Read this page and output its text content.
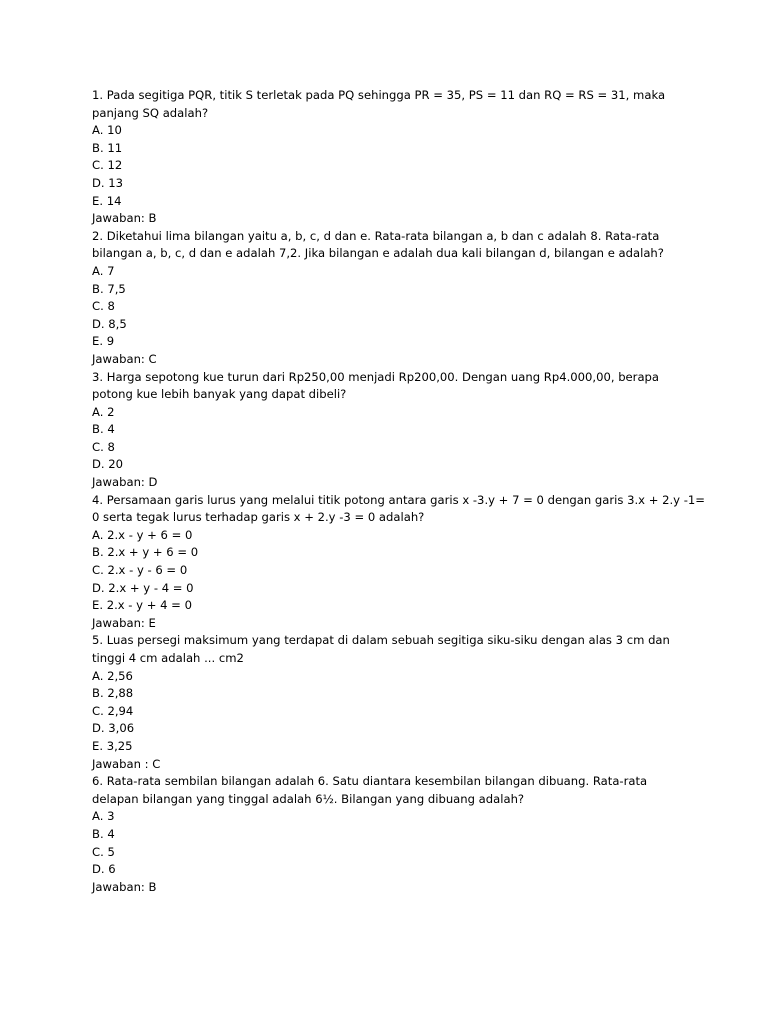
1. Pada segitiga PQR, titik S terletak pada PQ sehingga PR = 35, PS = 11 dan RQ = RS = 31, maka
panjang SQ adalah?
A. 10
B. 11
C. 12
D. 13
E. 14
Jawaban: B
2. Diketahui lima bilangan yaitu a, b, c, d dan e. Rata-rata bilangan a, b dan c adalah 8. Rata-rata
bilangan a, b, c, d dan e adalah 7,2. Jika bilangan e adalah dua kali bilangan d, bilangan e adalah?
A. 7
B. 7,5
C. 8
D. 8,5
E. 9
Jawaban: C
3. Harga sepotong kue turun dari Rp250,00 menjadi Rp200,00. Dengan uang Rp4.000,00, berapa
potong kue lebih banyak yang dapat dibeli?
A. 2
B. 4
C. 8
D. 20
Jawaban: D
4. Persamaan garis lurus yang melalui titik potong antara garis x -3.y + 7 = 0 dengan garis 3.x + 2.y -1=
0 serta tegak lurus terhadap garis x + 2.y -3 = 0 adalah?
A. 2.x - y + 6 = 0
B. 2.x + y + 6 = 0
C. 2.x - y - 6 = 0
D. 2.x + y - 4 = 0
E. 2.x - y + 4 = 0
Jawaban: E
5. Luas persegi maksimum yang terdapat di dalam sebuah segitiga siku-siku dengan alas 3 cm dan
tinggi 4 cm adalah ... cm2
A. 2,56
B. 2,88
C. 2,94
D. 3,06
E. 3,25
Jawaban : C
6. Rata-rata sembilan bilangan adalah 6. Satu diantara kesembilan bilangan dibuang. Rata-rata
delapan bilangan yang tinggal adalah 6½. Bilangan yang dibuang adalah?
A. 3
B. 4
C. 5
D. 6
Jawaban: B
